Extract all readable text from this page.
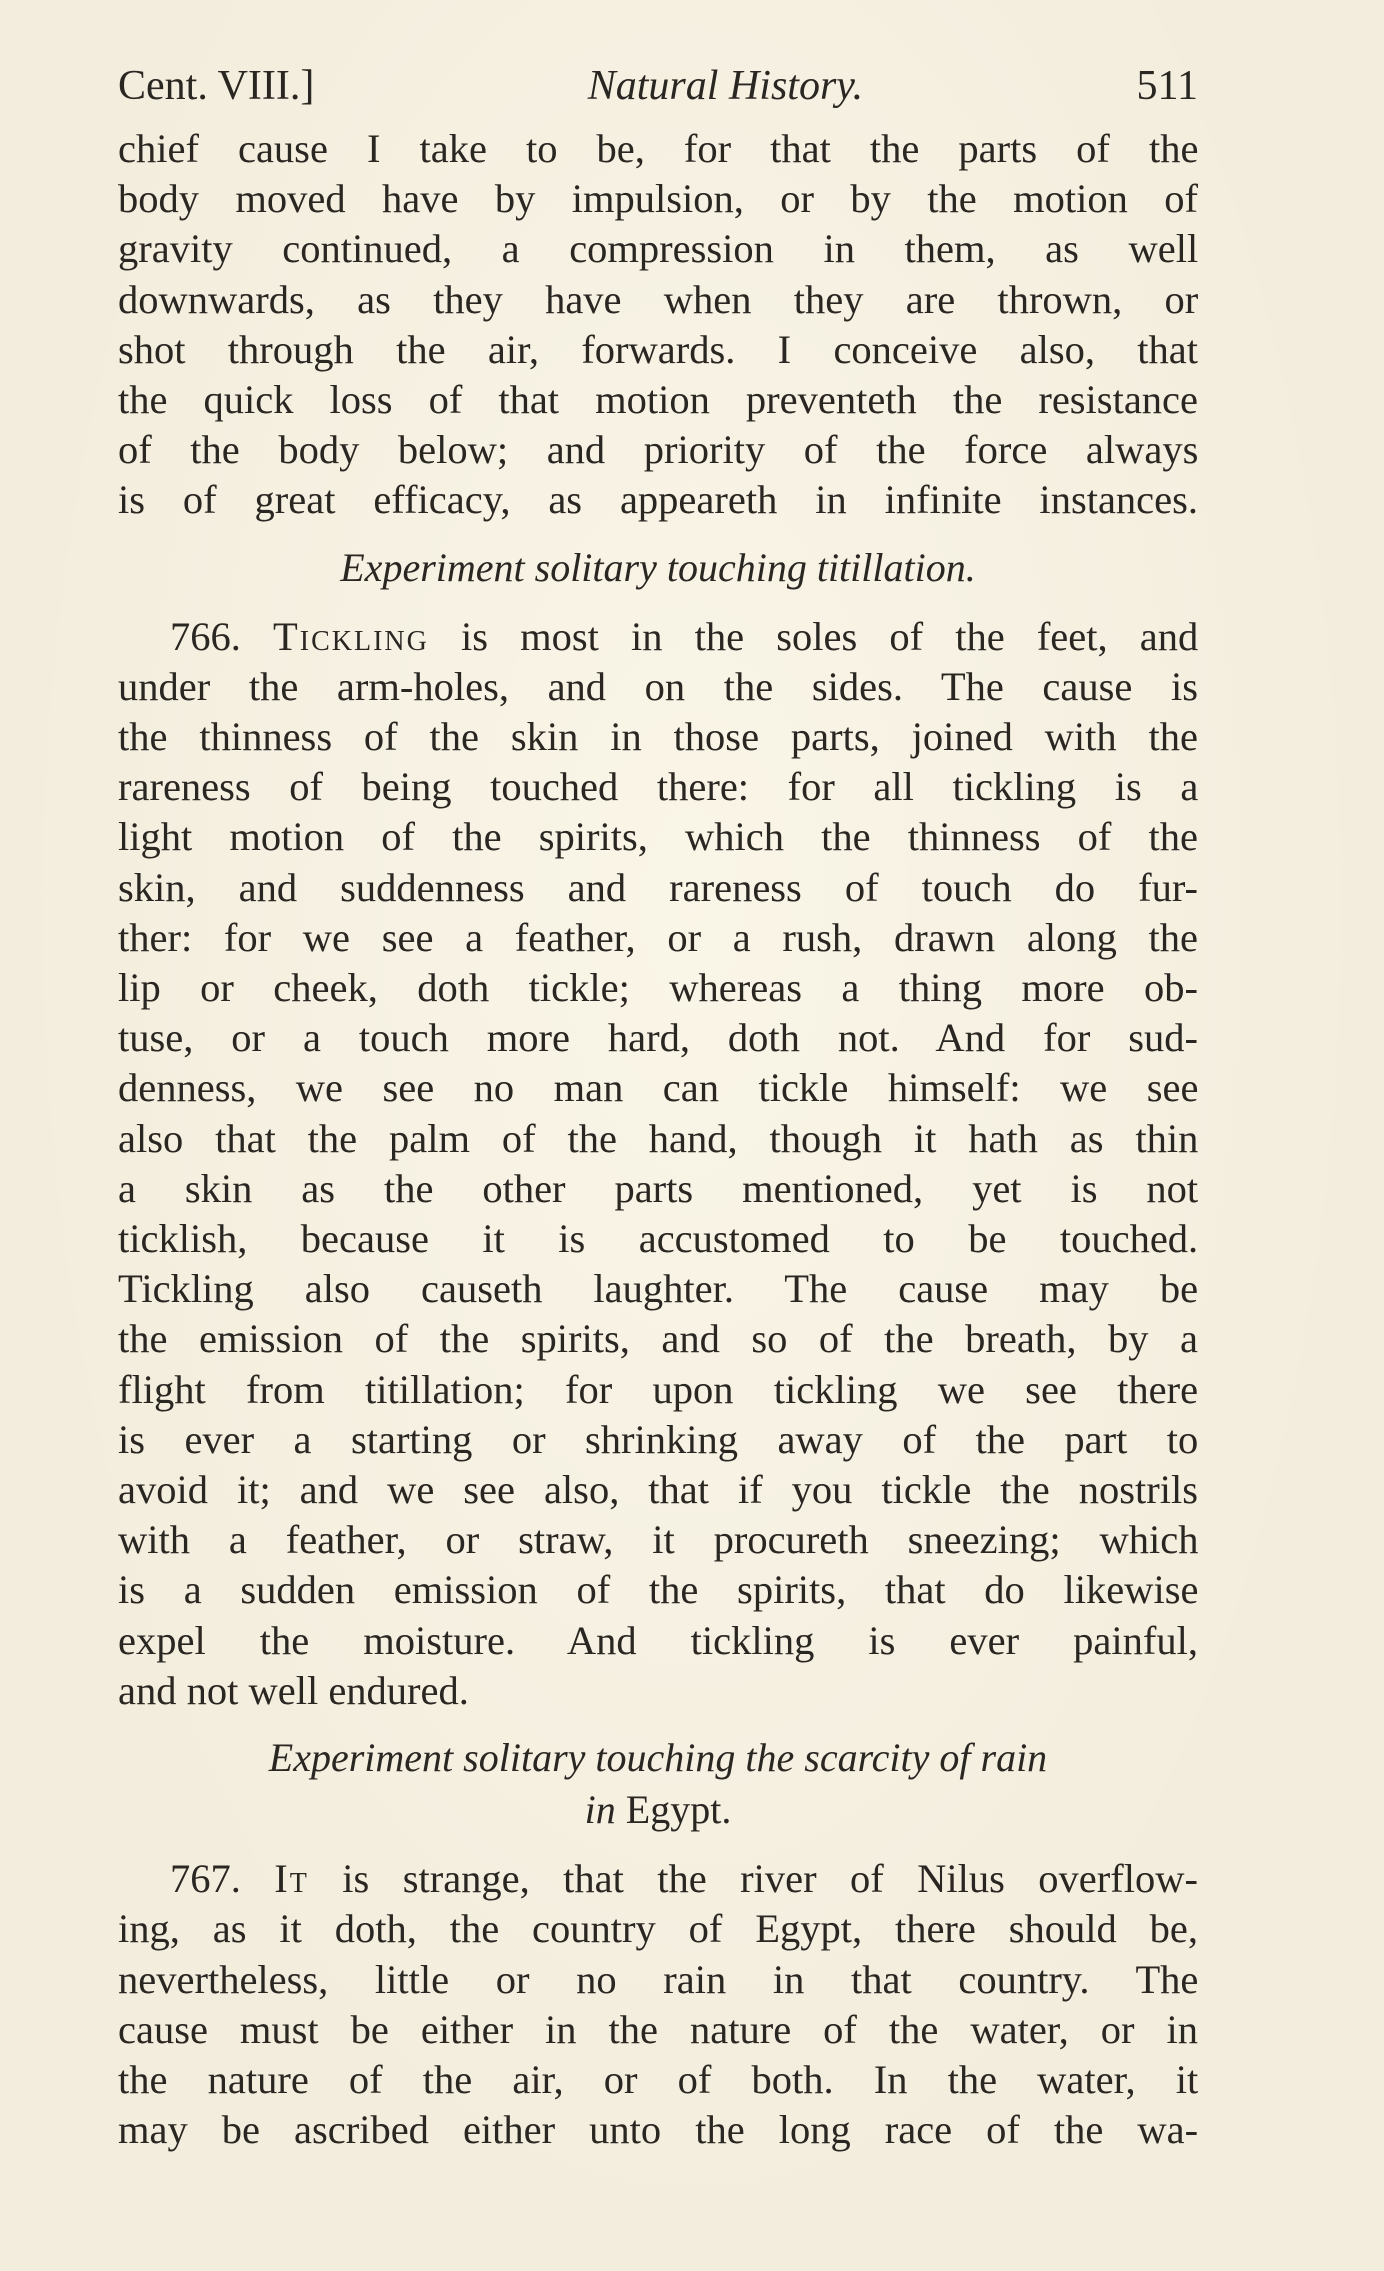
Cent. VIII.]	Natural History.	511

chief cause I take to be, for that the parts of the
body moved have by impulsion, or by the motion of
gravity continued, a compression in them, as well
downwards, as they have when they are thrown, or
shot through the air, forwards. I conceive also, that
the quick loss of that motion preventeth the resistance
of the body below; and priority of the force always
is of great efficacy, as appeareth in infinite instances.

Experiment solitary touching titillation.

766. Tickling is most in the soles of the feet, and
under the arm-holes, and on the sides. The cause is
the thinness of the skin in those parts, joined with the
rareness of being touched there: for all tickling is a
light motion of the spirits, which the thinness of the
skin, and suddenness and rareness of touch do fur-
ther: for we see a feather, or a rush, drawn along the
lip or cheek, doth tickle; whereas a thing more ob-
tuse, or a touch more hard, doth not. And for sud-
denness, we see no man can tickle himself: we see
also that the palm of the hand, though it hath as thin
a skin as the other parts mentioned, yet is not
ticklish, because it is accustomed to be touched.
Tickling also causeth laughter. The cause may be
the emission of the spirits, and so of the breath, by a
flight from titillation; for upon tickling we see there
is ever a starting or shrinking away of the part to
avoid it; and we see also, that if you tickle the nostrils
with a feather, or straw, it procureth sneezing; which
is a sudden emission of the spirits, that do likewise
expel the moisture. And tickling is ever painful,
and not well endured.

Experiment solitary touching the scarcity of rain
in Egypt.

767. It is strange, that the river of Nilus overflow-
ing, as it doth, the country of Egypt, there should be,
nevertheless, little or no rain in that country. The
cause must be either in the nature of the water, or in
the nature of the air, or of both. In the water, it
may be ascribed either unto the long race of the wa-
